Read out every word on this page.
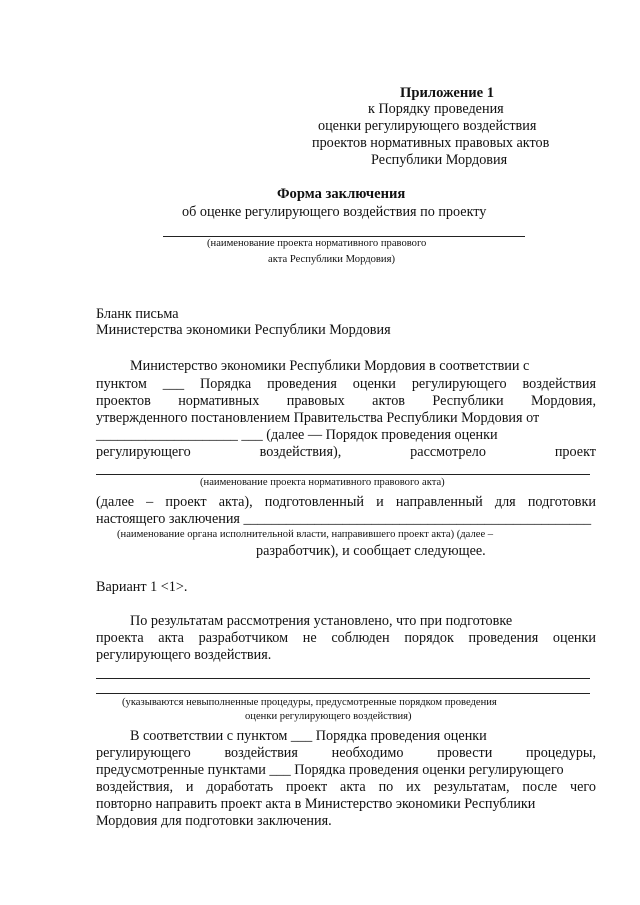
Приложение 1
к Порядку проведения
оценки регулирующего воздействия
проектов нормативных правовых актов
Республики Мордовия
Форма заключения
об оценке регулирующего воздействия по проекту
(наименование проекта нормативного правового
акта Республики Мордовия)
Бланк письма
Министерства экономики Республики Мордовия
Министерство экономики Республики Мордовия в соответствии с
пунктом ___ Порядка проведения оценки регулирующего воздействия
проектов нормативных правовых актов Республики Мордовия,
утвержденного постановлением Правительства Республики Мордовия от
____________________ ___ (далее — Порядок проведения оценки
регулирующего воздействия), рассмотрело проект
(наименование проекта нормативного правового акта)
(далее – проект акта), подготовленный и направленный для подготовки
настоящего заключения _________________________________________________
(наименование органа исполнительной власти, направившего проект акта) (далее –
разработчик), и сообщает следующее.
Вариант 1 <1>.
По результатам рассмотрения установлено, что при подготовке
проекта акта разработчиком не соблюден порядок проведения оценки
регулирующего воздействия.
(указываются невыполненные процедуры, предусмотренные порядком проведения
оценки регулирующего воздействия)
В соответствии с пунктом ___ Порядка проведения оценки
регулирующего воздействия необходимо провести процедуры,
предусмотренные пунктами ___ Порядка проведения оценки регулирующего
воздействия, и доработать проект акта по их результатам, после чего
повторно направить проект акта в Министерство экономики Республики
Мордовия для подготовки заключения.
